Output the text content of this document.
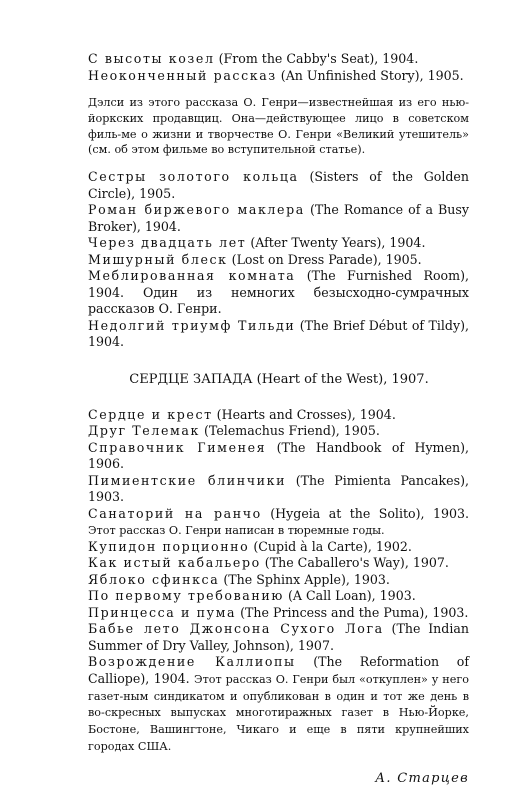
С высоты козел (From the Cabby's Seat), 1904.

Неоконченный рассказ (An Unfinished Story), 1905.

Дэлси из этого рассказа О. Генри—известнейшая из его нью-йоркских продавщиц. Она—действующее лицо в советском филь-ме о жизни и творчестве О. Генри «Великий утешитель» (см. об этом фильме во вступительной статье).

Сестры золотого кольца (Sisters of the Golden Circle), 1905.

Роман биржевого маклера (The Romance of a Busy Broker), 1904.

Через двадцать лет (After Twenty Years), 1904.

Мишурный блеск (Lost on Dress Parade), 1905.

Меблированная комната (The Furnished Room), 1904. Один из немногих безысходно-сумрачных рассказов О. Генри.

Недолгий триумф Тильди (The Brief Début of Tildy), 1904.

СЕРДЦЕ ЗАПАДА (Heart of the West), 1907.

Сердце и крест (Hearts and Crosses), 1904.

Друг Телемак (Telemachus Friend), 1905.

Справочник Гименея (The Handbook of Hymen), 1906.

Пимиентские блинчики (The Pimienta Pancakes), 1903.

Санаторий на ранчо (Hygeia at the Solito), 1903. Этот рассказ О. Генри написан в тюремные годы.

Купидон порционно (Cupid à la Carte), 1902.

Как истый кабальеро (The Caballero's Way), 1907.

Яблоко сфинкса (The Sphinx Apple), 1903.

По первому требованию (A Call Loan), 1903.

Принцесса и пума (The Princess and the Puma), 1903.

Бабье лето Джонсона Сухого Лога (The Indian Summer of Dry Valley, Johnson), 1907.

Возрождение Каллиопы (The Reformation of Calliope), 1904. Этот рассказ О. Генри был «откуплен» у него газет-ным синдикатом и опубликован в один и тот же день в во-скресных выпусках многотиражных газет в Нью-Йорке, Бостоне, Вашингтоне, Чикаго и еще в пяти крупнейших городах США.

А. Старцев
